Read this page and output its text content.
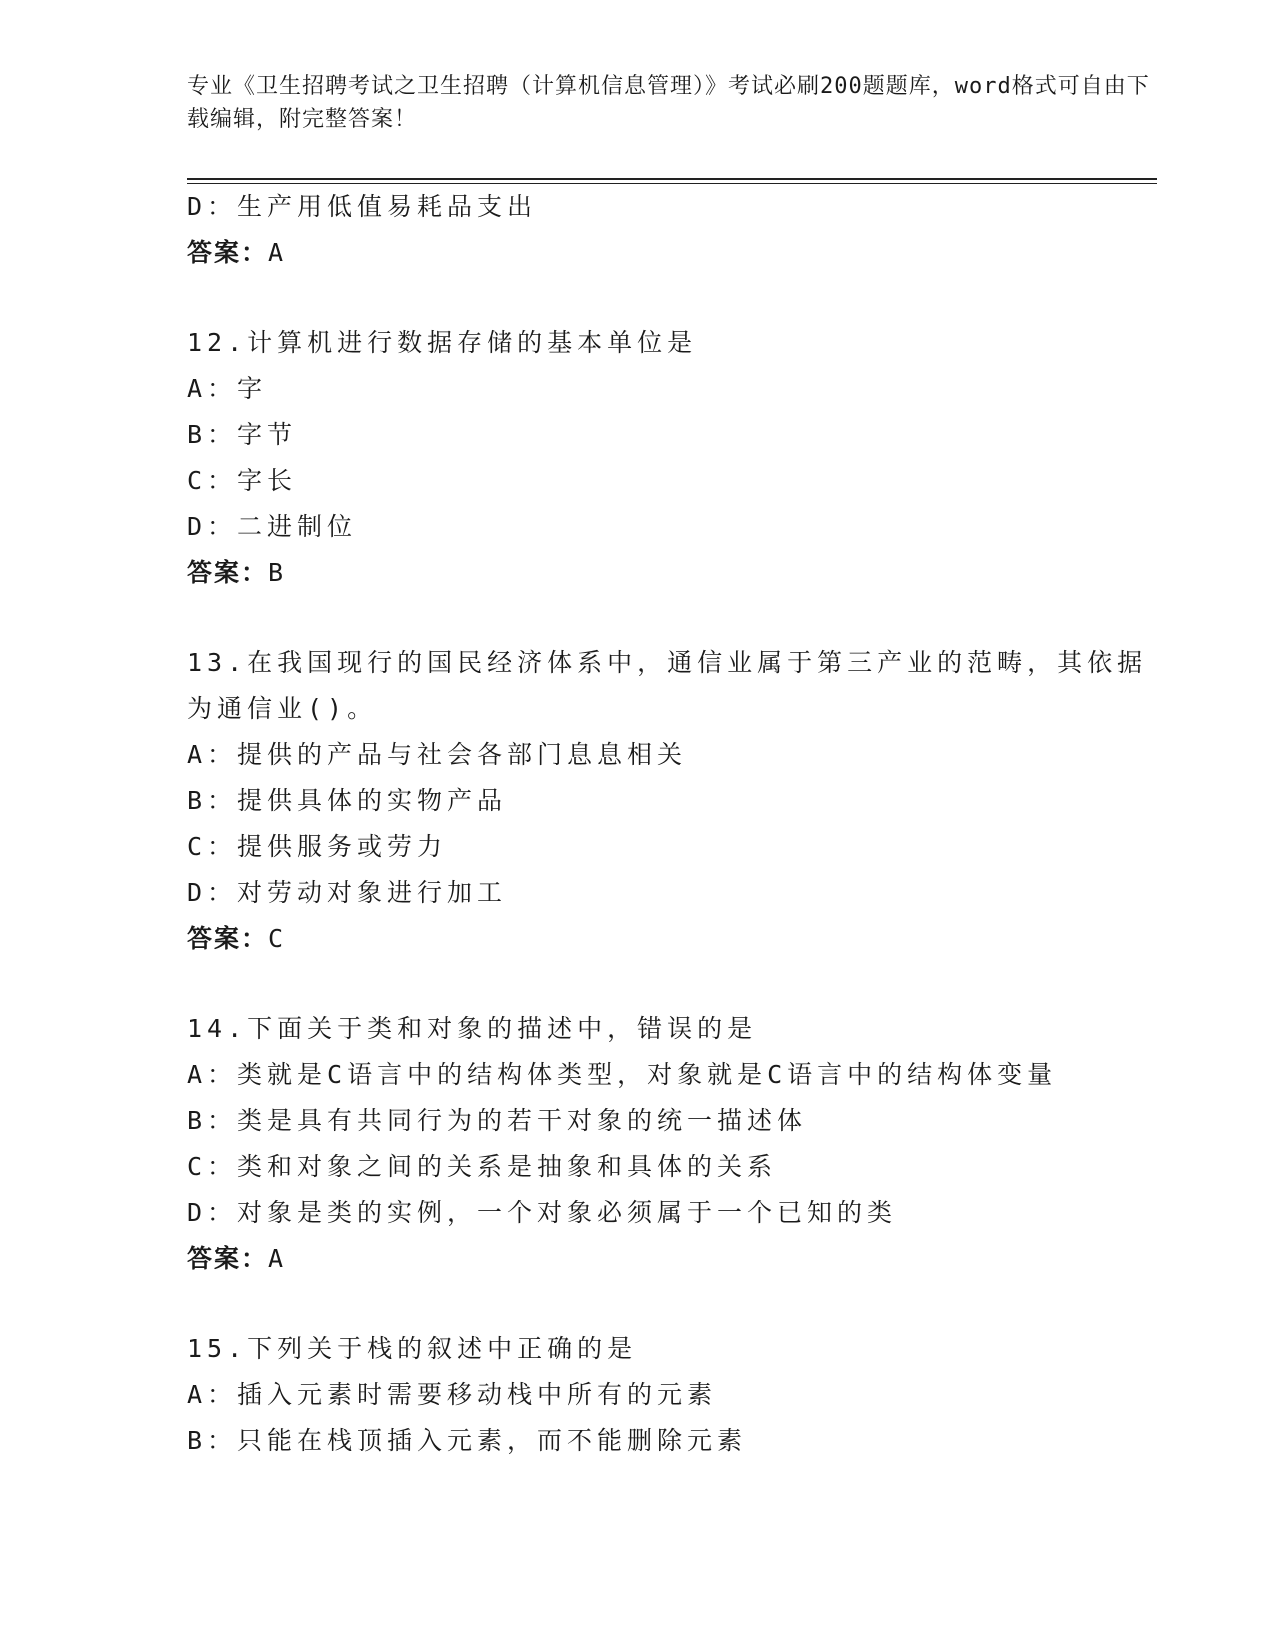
专业《卫生招聘考试之卫生招聘（计算机信息管理）》考试必刷200题题库，word格式可自由下载编辑，附完整答案！

D：生产用低值易耗品支出

答案：A

12.计算机进行数据存储的基本单位是

A：字

B：字节

C：字长

D：二进制位

答案：B

13.在我国现行的国民经济体系中，通信业属于第三产业的范畴，其依据为通信业()。

A：提供的产品与社会各部门息息相关

B：提供具体的实物产品

C：提供服务或劳力

D：对劳动对象进行加工

答案：C

14.下面关于类和对象的描述中，错误的是

A：类就是C语言中的结构体类型，对象就是C语言中的结构体变量

B：类是具有共同行为的若干对象的统一描述体

C：类和对象之间的关系是抽象和具体的关系

D：对象是类的实例，一个对象必须属于一个已知的类

答案：A

15.下列关于栈的叙述中正确的是

A：插入元素时需要移动栈中所有的元素

B：只能在栈顶插入元素，而不能删除元素
